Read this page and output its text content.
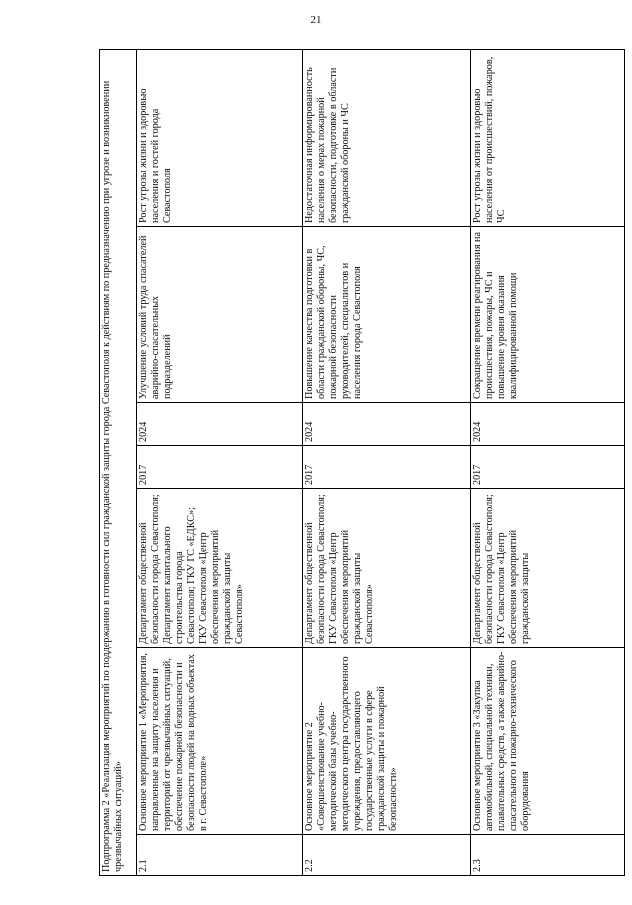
21
Подпрограмма 2 «Реализация мероприятий по поддержанию в готовности сил гражданской защиты города Севастополя к действиям по предназначению при угрозе и возникновении чрезвычайных ситуаций»						
2.1	Основное мероприятие 1 «Мероприятия, направленные на защиту населения и территорий от чрезвычайных ситуаций, обеспечение пожарной безопасности и безопасности людей на водных объектах в г. Севастополе»	Департамент общественной безопасности города Севастополя; Департамент капитального строительства города Севастополя; ГКУ ГС «ЕДКС»; ГКУ Севастополя «Центр обеспечения мероприятий гражданской защиты Севастополя»	2017	2024	Улучшение условий труда спасателей аварийно-спасательных подразделений	Рост угрозы жизни и здоровью населения и гостей города Севастополя
2.2	Основное мероприятие 2 «Совершенствование учебно-методической базы учебно-методического центра государственного учреждения, предоставляющего государственные услуги в сфере гражданской защиты и пожарной безопасности»	Департамент общественной безопасности города Севастополя; ГКУ Севастополя «Центр обеспечения мероприятий гражданской защиты Севастополя»	2017	2024	Повышение качества подготовки в области гражданской обороны, ЧС, пожарной безопасности руководителей, специалистов и населения города Севастополя	Недостаточная информированность населения о мерах пожарной безопасности, подготовке в области гражданской обороны и ЧС
2.3	Основное мероприятие 3 «Закупка автомобильной, специальной техники, плавательных средств, а также аварийно-спасательного и пожарно-технического оборудования	Департамент общественной безопасности города Севастополя; ГКУ Севастополя «Центр обеспечения мероприятий гражданской защиты	2017	2024	Сокращение времени реагирования на происшествия, пожары, ЧС и повышение уровня оказания квалифицированной помощи	Рост угрозы жизни и здоровью населения от происшествий, пожаров, ЧС
